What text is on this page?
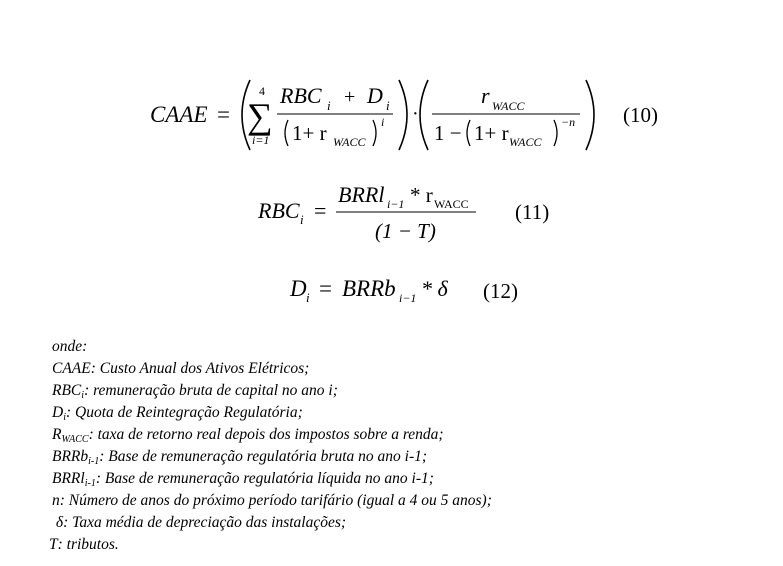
CAAE =
4
∑
i=1
RBC i + D i
1+ r WACC
i ·
r WACC
1 − 1+ r WACC
−n (10)
RBC i =
BRRl i−1 * r WACC
(1 − T)
(11)
D i = BRRb i−1 * δ (12)
onde:
CAAE: Custo Anual dos Ativos Elétricos;
$RBC_i$: remuneração bruta de capital no ano i;
$D_i$: Quota de Reintegração Regulatória;
$R_{WACC}$: taxa de retorno real depois dos impostos sobre a renda;
BRRb$_{i-1}$: Base de remuneração regulatória bruta no ano i-1;
BRRl$_{i-1}$: Base de remuneração regulatória líquida no ano i-1;
n: Número de anos do próximo período tarifário (igual a 4 ou 5 anos);
δ: Taxa média de depreciação das instalações;
T: tributos.
